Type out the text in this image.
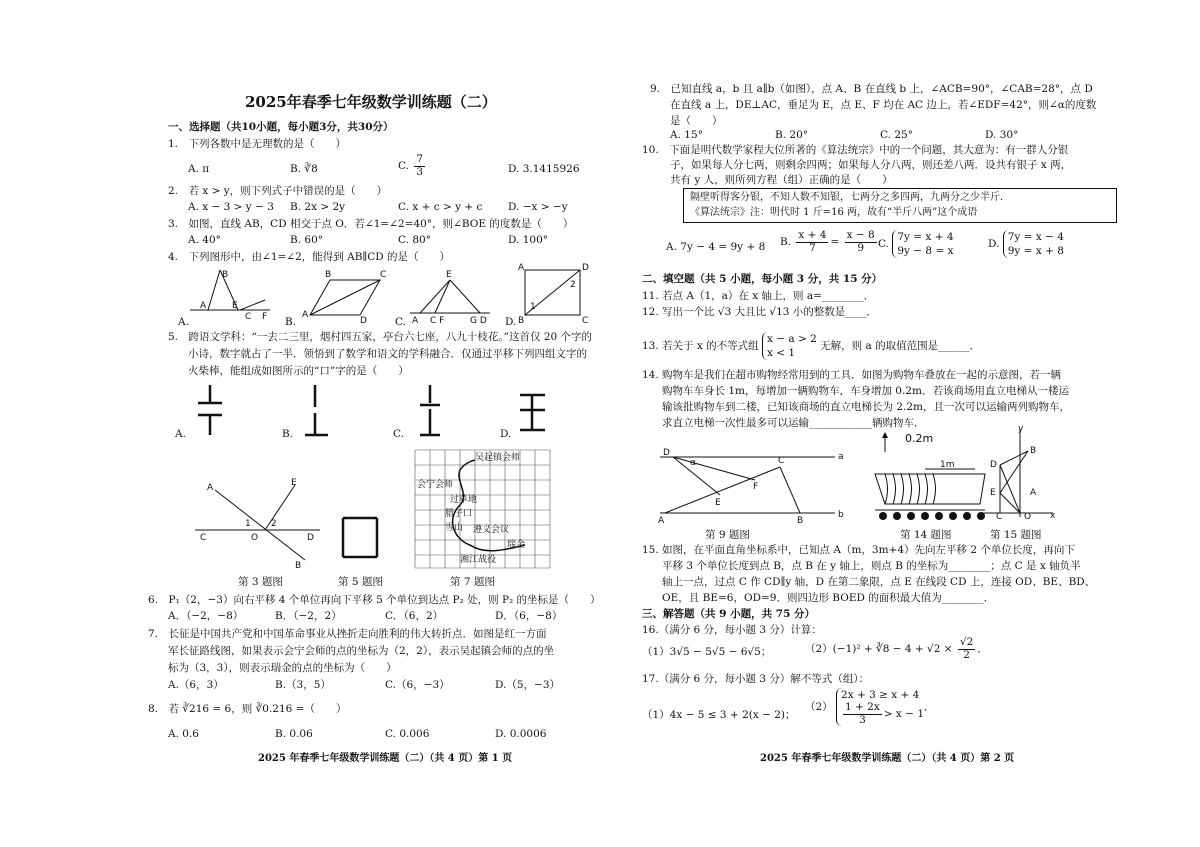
2025年春季七年级数学训练题（二）
一、选择题（共10小题，每小题3分，共30分）
1.　下列各数中是无理数的是（　　）
A. π	B. ∛8	C. $\frac{7}{3}$	D. 3.1415926
2.　若 x > y，则下列式子中错误的是（　　）
A. x − 3 > y − 3 B. 2x > 2y	C. x + c > y + c D. −x > −y
3.　如图，直线 AB，CD 相交于点 O．若∠1=∠2=40°，则∠BOE 的度数是（　　）
A. 40°	B. 60°	C. 80°	D. 100°
4.　下列图形中，由∠1=∠2，能得到 AB∥CD 的是（　　）
A.	B.	C.	D.
B
A	E
C F	A
B	C
D
E
A C F	G D
A	D
B	C
1
2
5.　跨语文学科：“一去二三里，烟村四五家，亭台六七座，八九十枝花。”这首仅 20 个字的
小诗，数字就占了一半．领悟到了数学和语文的学科融合．仅通过平移下列四组文字的
火柴棒，能组成如图所示的“口”字的是（　　）
A.	B.	C.	D.
A	E
C	O	D
B
1 2
第 3 题图	第 5 题图
吴起镇会师
会宁会师
过草地
腊子口
雪山 遵义会议
瑞金
湘江战役
第 7 题图
6.　P₁（2，−3）向右平移 4 个单位再向下平移 5 个单位到达点 P₂ 处，则 P₂ 的坐标是（　　）
A．（−2，−8）	B．（−2，2）	C．（6，2）	D．（6，−8）
7.　长征是中国共产党和中国革命事业从挫折走向胜利的伟大转折点．如图是红一方面
军长征路线图，如果表示会宁会师的点的坐标为（2，2），表示吴起镇会师的点的坐
标为（3，3），则表示瑞金的点的坐标为（　　）
A.（6，3）	B.（3，5）	C.（6，−3）	D.（5，−3）
8.　若 ∛216 = 6，则 ∛0.216 =（　　）
A. 0.6	B. 0.06	C. 0.006	D. 0.0006
2025 年春季七年级数学训练题（二）（共 4 页）第 1 页
9.　已知直线 a，b 且 a∥b（如图），点 A、B 在直线 b 上，∠ACB=90°，∠CAB=28°，点 D
在直线 a 上，DE⊥AC，垂足为 E，点 E、F 均在 AC 边上，若∠EDF=42°，则∠α的度数
是（　　）
A. 15°	B. 20°	C. 25°	D. 30°
10.　下面是明代数学家程大位所著的《算法统宗》中的一个问题，其大意为：有一群人分银
子，如果每人分七两，则剩余四两；如果每人分八两，则还差八两．设共有银子 x 两，
共有 y 人，则所列方程（组）正确的是（　　）
隔壁听得客分银，不知人数不知银，七两分之多四两，九两分之少半斤．
《算法统宗》注：明代时 1 斤=16 两，故有“半斤八两”这个成语
A. 7y − 4 = 9y + 8 B. $\frac{x + 4}{7} = \frac{x - 8}{9} C$.
7y = x + 4
9y − 8 = x
D.
7y = x − 4
9y = x + 8
二、填空题（共 5 小题，每小题 3 分，共 15 分）
11. 若点 A（1，a）在 x 轴上，则 a=________．
12. 写出一个比 √3 大且比 √13 小的整数是____．
13. 若关于 x 的不等式组
x − a > 2
x < 1
无解，则 a 的取值范围是______．
14. 购物车是我们在超市购物经常用到的工具．如图为购物车叠放在一起的示意图，若一辆
购物车车身长 1m，每增加一辆购物车，车身增加 0.2m．若该商场用直立电梯从一楼运
输该批购物车到二楼，已知该商场的直立电梯长为 2.2m，且一次可以运输两列购物车，
求直立电梯一次性最多可以运输____________辆购物车．
D	a
α	C
F
E
A	B
b
第 9 题图
0.2m
1m
第 14 题图
y
x
O
C
D
E
B
A
第 15 题图
15. 如图，在平面直角坐标系中，已知点 A（m，3m+4）先向左平移 2 个单位长度，再向下
平移 3 个单位长度到点 B，点 B 在 y 轴上，则点 B 的坐标为________；点 C 是 x 轴负半
轴上一点，过点 C 作 CD∥y 轴，D 在第二象限，点 E 在线段 CD 上，连接 OD、BE、BD、
OE，且 BE=6，OD=9．则四边形 BOED 的面积最大值为________．
三、解答题（共 9 小题，共 75 分）
16.（满分 6 分，每小题 3 分）计算：
（1）3√5 − 5√5 − 6√5；	（2）(−1)² + ∛8 − $4 + √2 \times \frac{√2}{2}$ ．
17.（满分 6 分，每小题 3 分）解不等式（组）：
（1）4x − 5 ≤ 3 + 2(x − 2)；
（2）
2x + 3 ≥ x + 4
$\frac{1 + 2x}{3} > x - 1$
．
2025 年春季七年级数学训练题（二）（共 4 页）第 2 页
